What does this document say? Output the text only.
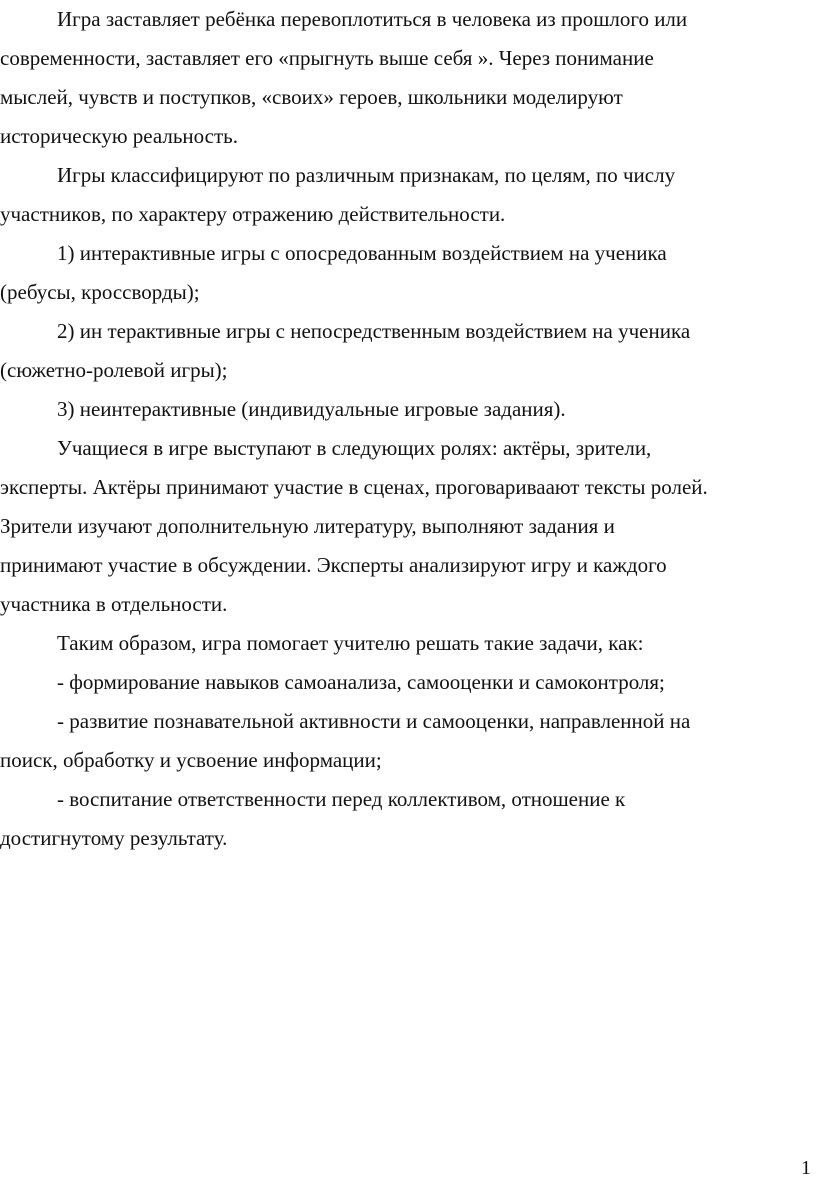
Игра заставляет ребёнка перевоплотиться в человека из прошлого или
современности, заставляет его «прыгнуть выше себя ». Через понимание
мыслей, чувств и поступков, «своих» героев, школьники моделируют
историческую реальность.
Игры классифицируют по различным признакам, по целям, по числу
участников, по характеру отражению действительности.
1) интерактивные игры с опосредованным воздействием на ученика
(ребусы, кроссворды);
2) ин терактивные игры с непосредственным воздействием на ученика
(сюжетно-ролевой игры);
3) неинтерактивные (индивидуальные игровые задания).
Учащиеся в игре выступают в следующих ролях: актёры, зрители,
эксперты. Актёры принимают участие в сценах, проговариваают тексты ролей.
Зрители изучают дополнительную литературу, выполняют задания и
принимают участие в обсуждении. Эксперты анализируют игру и каждого
участника в отдельности.
Таким образом, игра помогает учителю решать такие задачи, как:
- формирование навыков самоанализа, самооценки и самоконтроля;
- развитие познавательной активности и самооценки, направленной на
поиск, обработку и усвоение информации;
- воспитание ответственности перед коллективом, отношение к
достигнутому результату.
1
